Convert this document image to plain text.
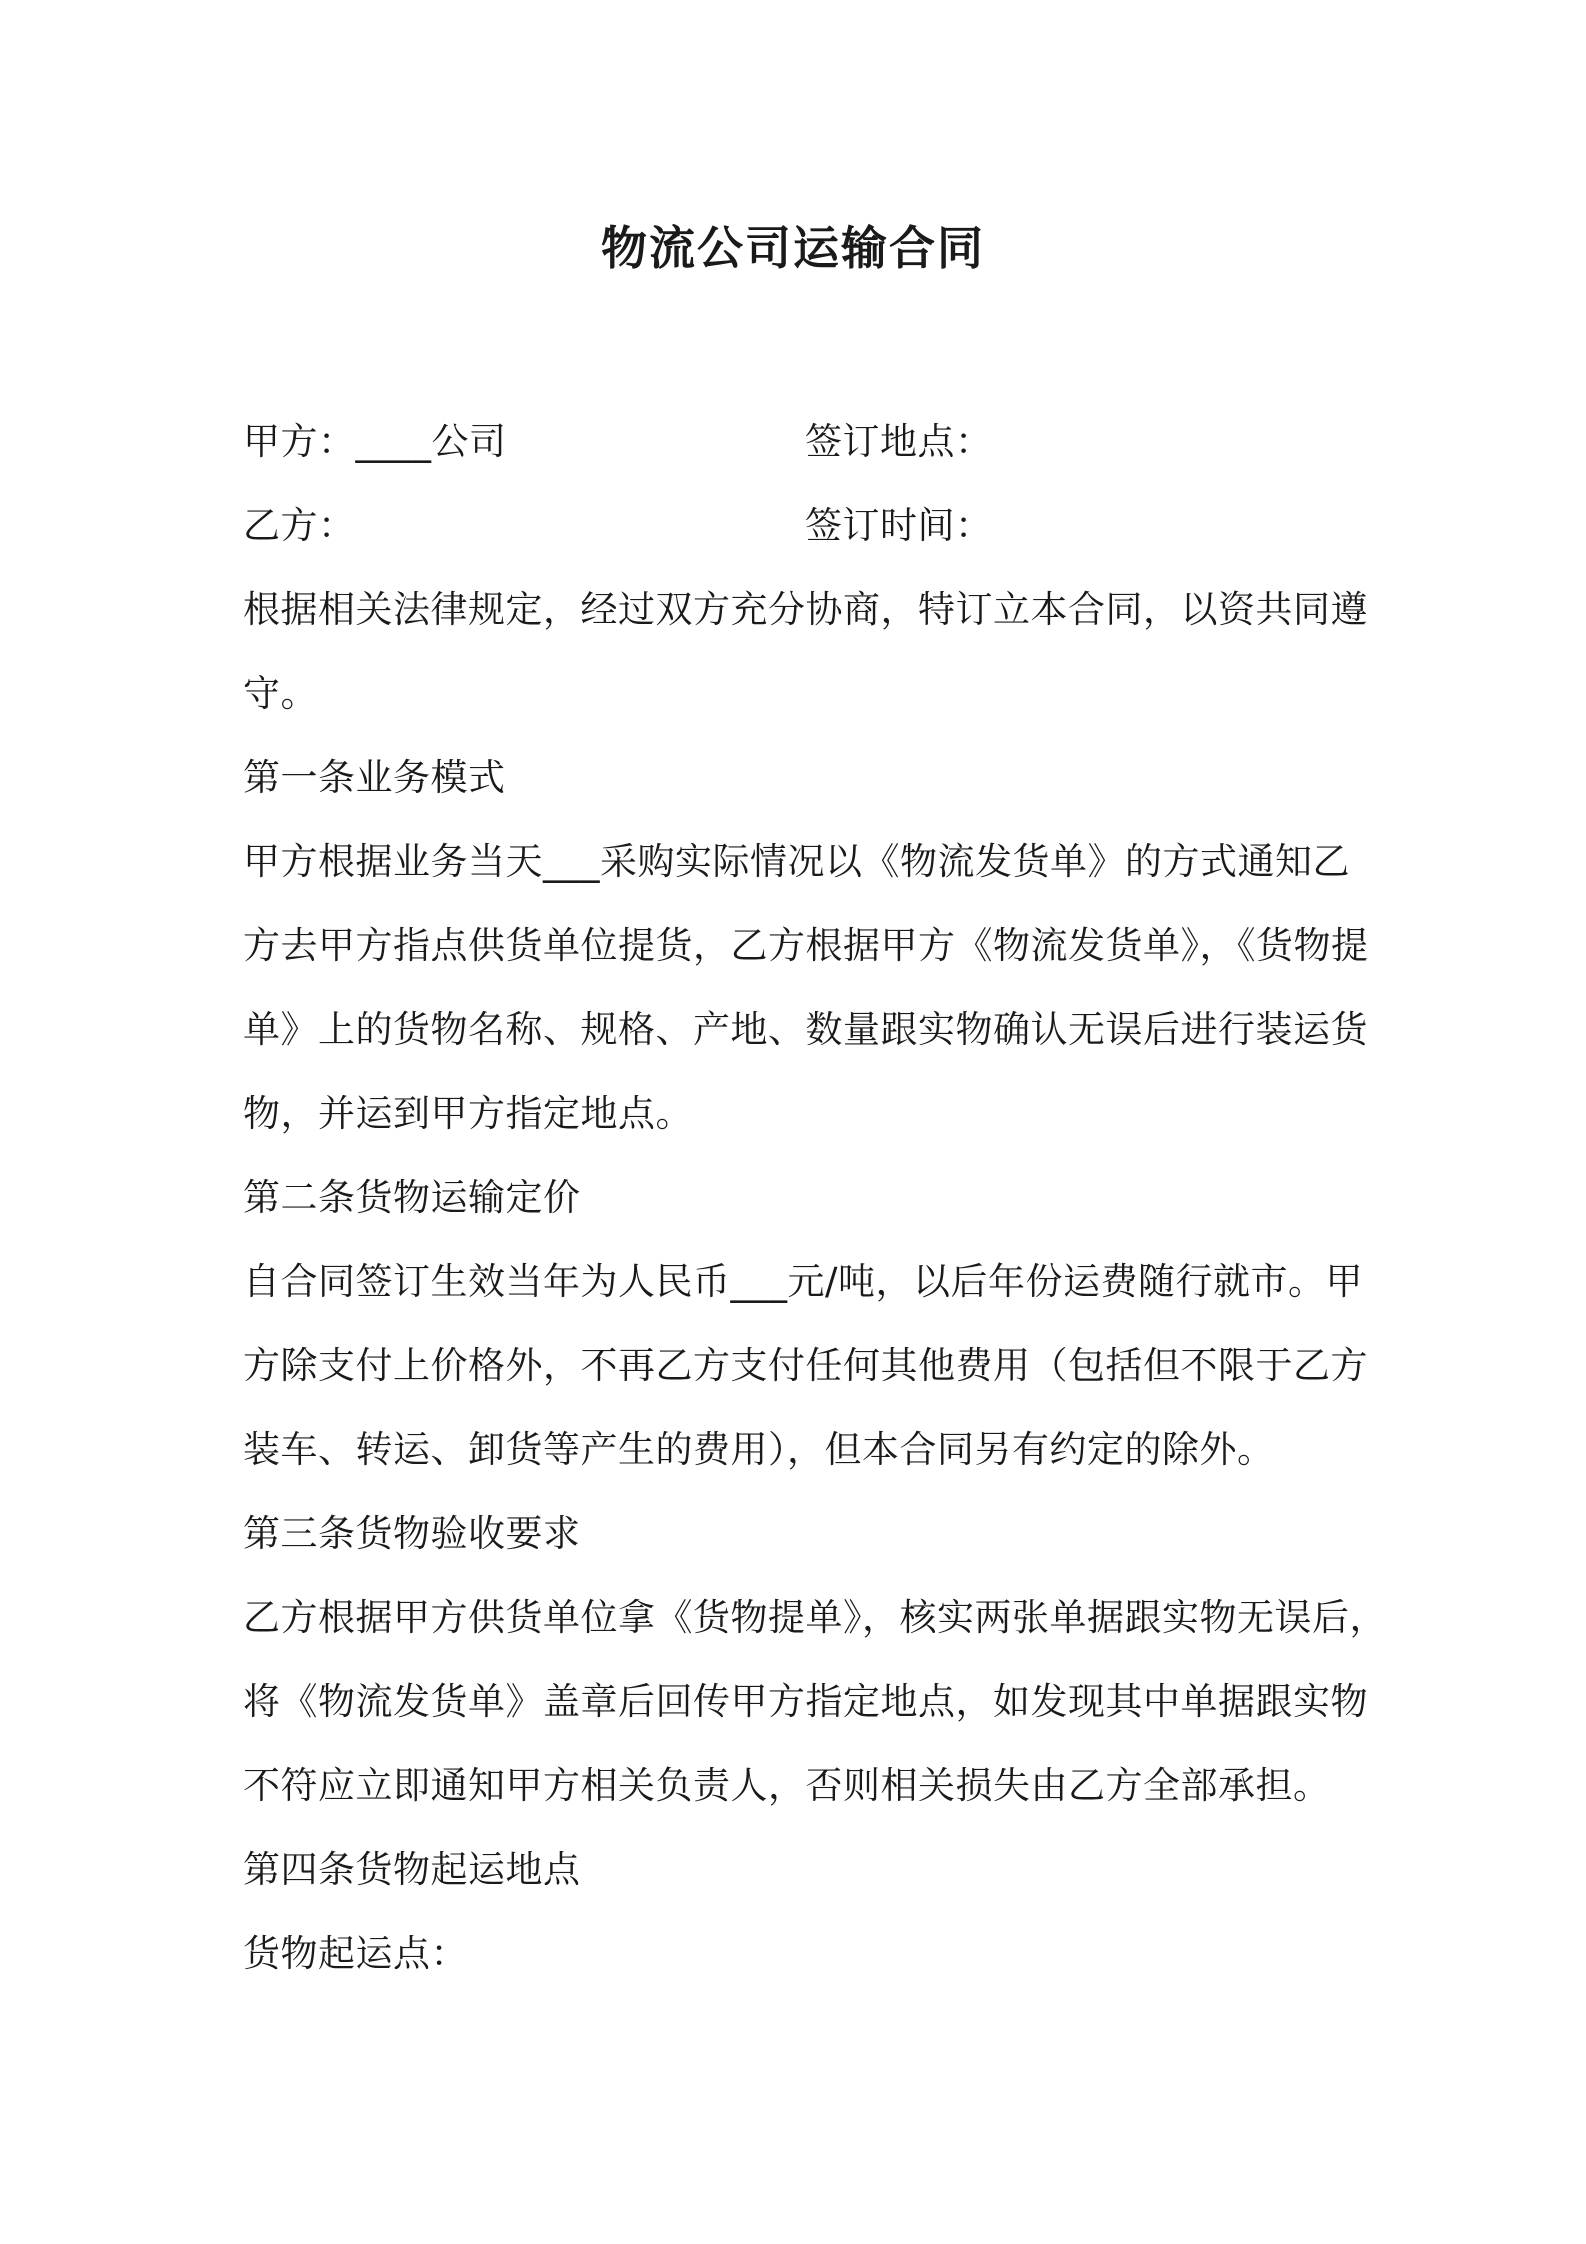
物流公司运输合同
甲方：____公司	签订地点：
乙方：	签订时间：
根据相关法律规定，经过双方充分协商，特订立本合同，以资共同遵
守。
第一条业务模式
甲方根据业务当天___采购实际情况以《物流发货单》的方式通知乙
方去甲方指点供货单位提货，乙方根据甲方《物流发货单》，《货物提
单》上的货物名称、规格、产地、数量跟实物确认无误后进行装运货
物，并运到甲方指定地点。
第二条货物运输定价
自合同签订生效当年为人民币___元/吨，以后年份运费随行就市。甲
方除支付上价格外，不再乙方支付任何其他费用（包括但不限于乙方
装车、转运、卸货等产生的费用），但本合同另有约定的除外。
第三条货物验收要求
乙方根据甲方供货单位拿《货物提单》，核实两张单据跟实物无误后，
将《物流发货单》盖章后回传甲方指定地点，如发现其中单据跟实物
不符应立即通知甲方相关负责人，否则相关损失由乙方全部承担。
第四条货物起运地点
货物起运点：
